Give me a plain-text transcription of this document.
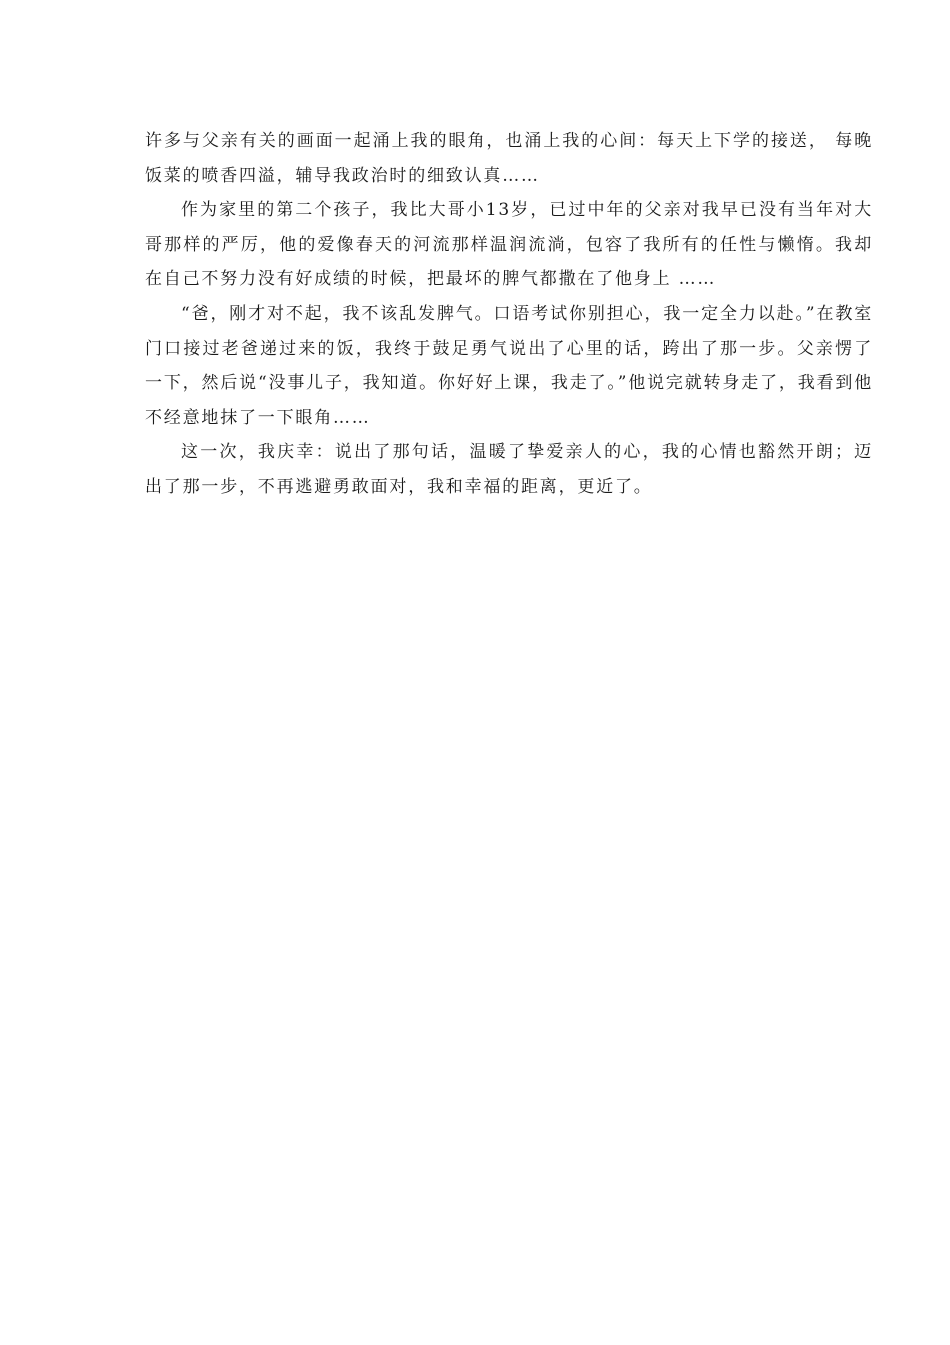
许多与父亲有关的画面一起涌上我的眼角，也涌上我的心间：每天上下学的接送， 每晚饭菜的喷香四溢，辅导我政治时的细致认真……

作为家里的第二个孩子，我比大哥小13岁，已过中年的父亲对我早已没有当年对大哥那样的严厉，他的爱像春天的河流那样温润流淌，包容了我所有的任性与懒惰。我却在自己不努力没有好成绩的时候，把最坏的脾气都撒在了他身上 ……

“爸，刚才对不起，我不该乱发脾气。口语考试你别担心，我一定全力以赴。”在教室门口接过老爸递过来的饭，我终于鼓足勇气说出了心里的话，跨出了那一步。父亲愣了一下，然后说“没事儿子，我知道。你好好上课，我走了。”他说完就转身走了，我看到他不经意地抹了一下眼角……

这一次，我庆幸：说出了那句话，温暖了挚爱亲人的心，我的心情也豁然开朗；迈出了那一步，不再逃避勇敢面对，我和幸福的距离，更近了。
